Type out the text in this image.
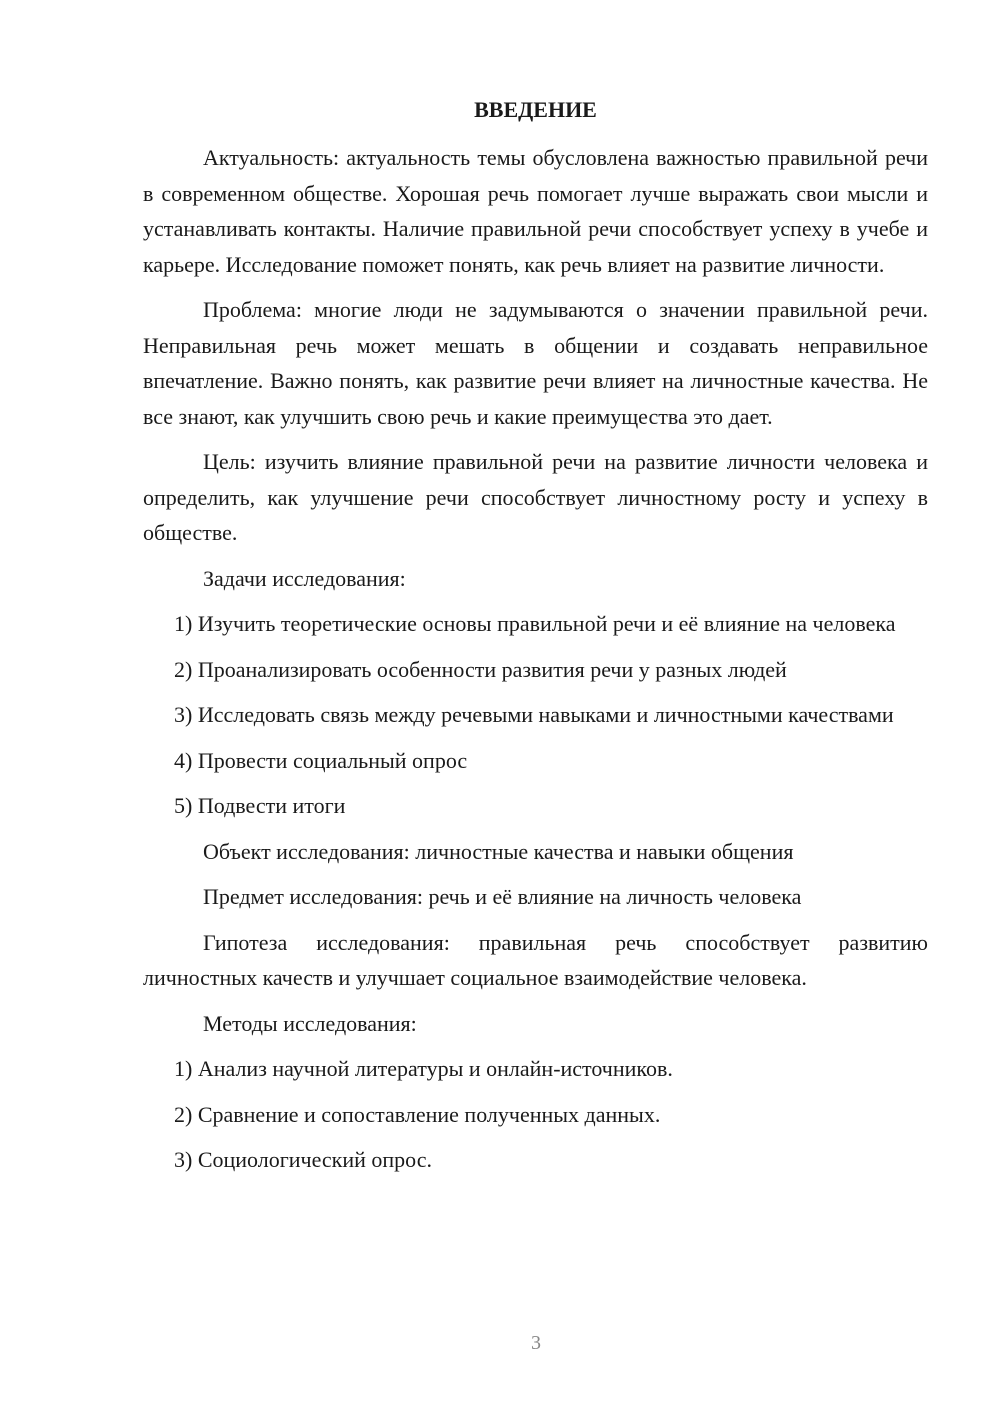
ВВЕДЕНИЕ

Актуальность: актуальность темы обусловлена важностью правильной речи в современном обществе. Хорошая речь помогает лучше выражать свои мысли и устанавливать контакты. Наличие правильной речи способствует успеху в учебе и карьере. Исследование поможет понять, как речь влияет на развитие личности.

Проблема: многие люди не задумываются о значении правильной речи. Неправильная речь может мешать в общении и создавать неправильное впечатление. Важно понять, как развитие речи влияет на личностные качества. Не все знают, как улучшить свою речь и какие преимущества это дает.

Цель: изучить влияние правильной речи на развитие личности человека и определить, как улучшение речи способствует личностному росту и успеху в обществе.

Задачи исследования:

1) Изучить теоретические основы правильной речи и её влияние на человека

2) Проанализировать особенности развития речи у разных людей

3) Исследовать связь между речевыми навыками и личностными качествами

4) Провести социальный опрос

5) Подвести итоги

Объект исследования: личностные качества и навыки общения

Предмет исследования: речь и её влияние на личность человека

Гипотеза исследования: правильная речь способствует развитию личностных качеств и улучшает социальное взаимодействие человека.

Методы исследования:

1) Анализ научной литературы и онлайн-источников.

2) Сравнение и сопоставление полученных данных.

3) Социологический опрос.

3
